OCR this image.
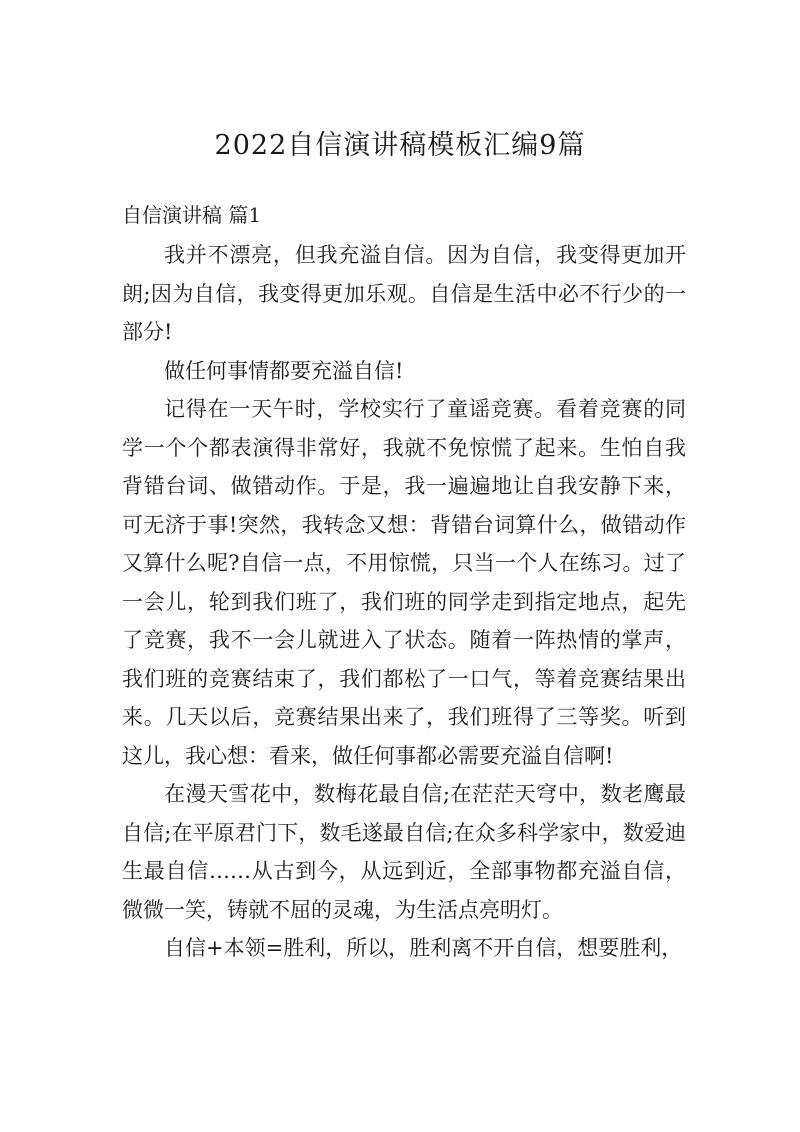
2022自信演讲稿模板汇编9篇
自信演讲稿 篇1

我并不漂亮，但我充溢自信。因为自信，我变得更加开朗;因为自信，我变得更加乐观。自信是生活中必不行少的一部分!

做任何事情都要充溢自信!

记得在一天午时，学校实行了童谣竞赛。看着竞赛的同学一个个都表演得非常好，我就不免惊慌了起来。生怕自我背错台词、做错动作。于是，我一遍遍地让自我安静下来，可无济于事!突然，我转念又想：背错台词算什么，做错动作又算什么呢?自信一点，不用惊慌，只当一个人在练习。过了一会儿，轮到我们班了，我们班的同学走到指定地点，起先了竞赛，我不一会儿就进入了状态。随着一阵热情的掌声，我们班的竞赛结束了，我们都松了一口气，等着竞赛结果出来。几天以后，竞赛结果出来了，我们班得了三等奖。听到这儿，我心想：看来，做任何事都必需要充溢自信啊!

在漫天雪花中，数梅花最自信;在茫茫天穹中，数老鹰最自信;在平原君门下，数毛遂最自信;在众多科学家中，数爱迪生最自信……从古到今，从远到近，全部事物都充溢自信，微微一笑，铸就不屈的灵魂，为生活点亮明灯。

自信+本领=胜利，所以，胜利离不开自信，想要胜利，
